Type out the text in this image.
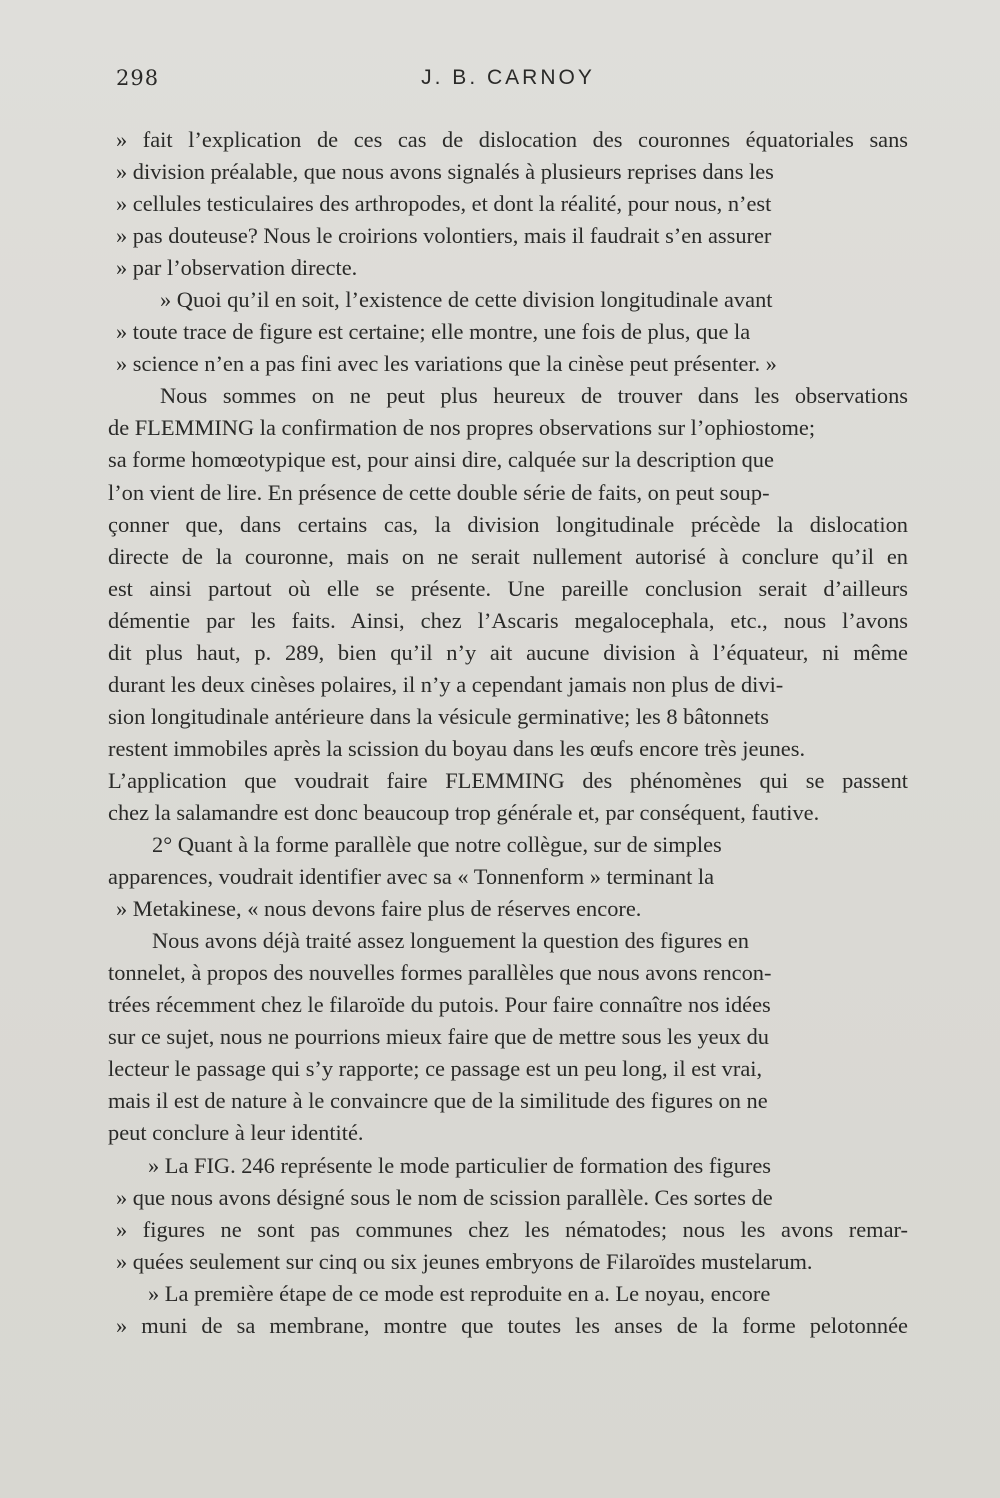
298	J. B. CARNOY
» fait l’explication de ces cas de dislocation des couronnes équatoriales sans
» division préalable, que nous avons signalés à plusieurs reprises dans les
» cellules testiculaires des arthropodes, et dont la réalité, pour nous, n’est
» pas douteuse? Nous le croirions volontiers, mais il faudrait s’en assurer
» par l’observation directe.
» Quoi qu’il en soit, l’existence de cette division longitudinale avant
» toute trace de figure est certaine; elle montre, une fois de plus, que la
» science n’en a pas fini avec les variations que la cinèse peut présenter. »
Nous sommes on ne peut plus heureux de trouver dans les observations
de FLEMMING la confirmation de nos propres observations sur l’ophiostome;
sa forme homœotypique est, pour ainsi dire, calquée sur la description que
l’on vient de lire. En présence de cette double série de faits, on peut soup-
çonner que, dans certains cas, la division longitudinale précède la dislocation
directe de la couronne, mais on ne serait nullement autorisé à conclure qu’il en
est ainsi partout où elle se présente. Une pareille conclusion serait d’ailleurs
démentie par les faits. Ainsi, chez l’Ascaris megalocephala, etc., nous l’avons
dit plus haut, p. 289, bien qu’il n’y ait aucune division à l’équateur, ni même
durant les deux cinèses polaires, il n’y a cependant jamais non plus de divi-
sion longitudinale antérieure dans la vésicule germinative; les 8 bâtonnets
restent immobiles après la scission du boyau dans les œufs encore très jeunes.
L’application que voudrait faire FLEMMING des phénomènes qui se passent
chez la salamandre est donc beaucoup trop générale et, par conséquent, fautive.
2° Quant à la forme parallèle que notre collègue, sur de simples
apparences, voudrait identifier avec sa « Tonnenform » terminant la
» Metakinese, « nous devons faire plus de réserves encore.
Nous avons déjà traité assez longuement la question des figures en
tonnelet, à propos des nouvelles formes parallèles que nous avons rencon-
trées récemment chez le filaroïde du putois. Pour faire connaître nos idées
sur ce sujet, nous ne pourrions mieux faire que de mettre sous les yeux du
lecteur le passage qui s’y rapporte; ce passage est un peu long, il est vrai,
mais il est de nature à le convaincre que de la similitude des figures on ne
peut conclure à leur identité.
» La FIG. 246 représente le mode particulier de formation des figures
» que nous avons désigné sous le nom de scission parallèle. Ces sortes de
» figures ne sont pas communes chez les nématodes; nous les avons remar-
» quées seulement sur cinq ou six jeunes embryons de Filaroïdes mustelarum.
» La première étape de ce mode est reproduite en a. Le noyau, encore
» muni de sa membrane, montre que toutes les anses de la forme pelotonnée
